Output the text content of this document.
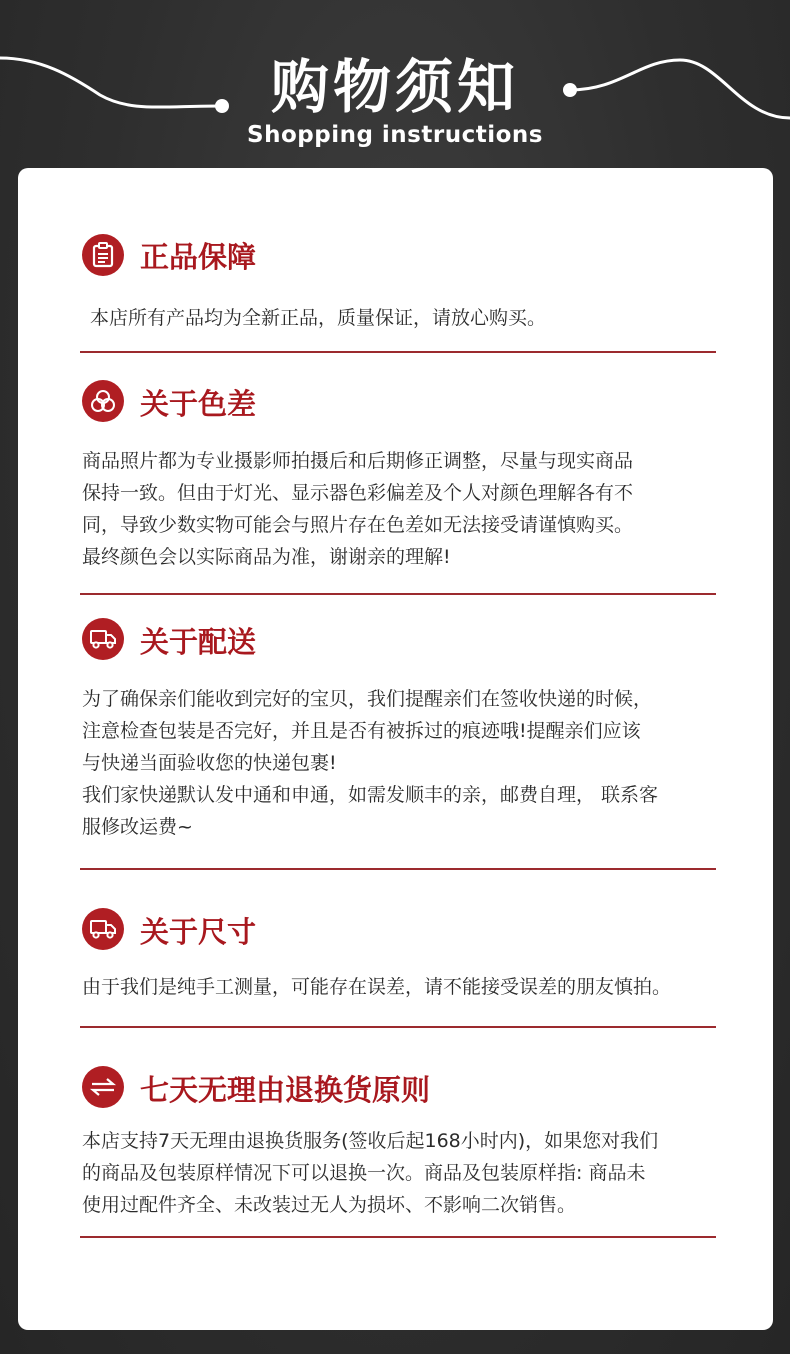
购物须知
Shopping instructions
正品保障

本店所有产品均为全新正品，质量保证，请放心购买。

关于色差

商品照片都为专业摄影师拍摄后和后期修正调整，尽量与现实商品

保持一致。但由于灯光、显示器色彩偏差及个人对颜色理解各有不

同，导致少数实物可能会与照片存在色差如无法接受请谨慎购买。

最终颜色会以实际商品为准，谢谢亲的理解!

关于配送

为了确保亲们能收到完好的宝贝，我们提醒亲们在签收快递的时候，

注意检查包装是否完好，并且是否有被拆过的痕迹哦!提醒亲们应该

与快递当面验收您的快递包裹!

我们家快递默认发中通和申通，如需发顺丰的亲，邮费自理， 联系客

服修改运费~

关于尺寸

由于我们是纯手工测量，可能存在误差，请不能接受误差的朋友慎拍。

七天无理由退换货原则

本店支持7天无理由退换货服务(签收后起168小时内)，如果您对我们

的商品及包装原样情况下可以退换一次。商品及包装原样指: 商品未

使用过配件齐全、未改装过无人为损坏、不影响二次销售。
